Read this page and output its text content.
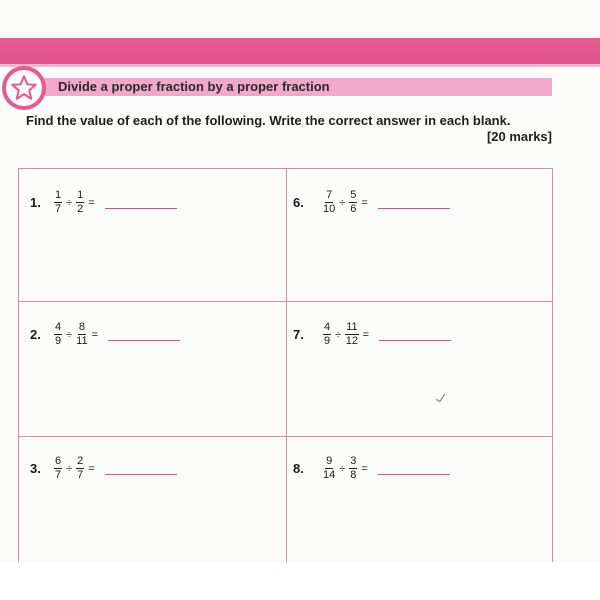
Divide a proper fraction by a proper fraction
Find the value of each of the following. Write the correct answer in each blank.
[20 marks]
1.	$\frac{1}{7} \div \frac{1}{2}$ =	6.	$\frac{7}{10} \div \frac{5}{6}$ =
2.	$\frac{4}{9} \div \frac{8}{11}$ =	7.	$\frac{4}{9} \div \frac{11}{12}$ =
3.	$\frac{6}{7} \div \frac{2}{7}$ =	8.	$\frac{9}{14} \div \frac{3}{8}$ =
